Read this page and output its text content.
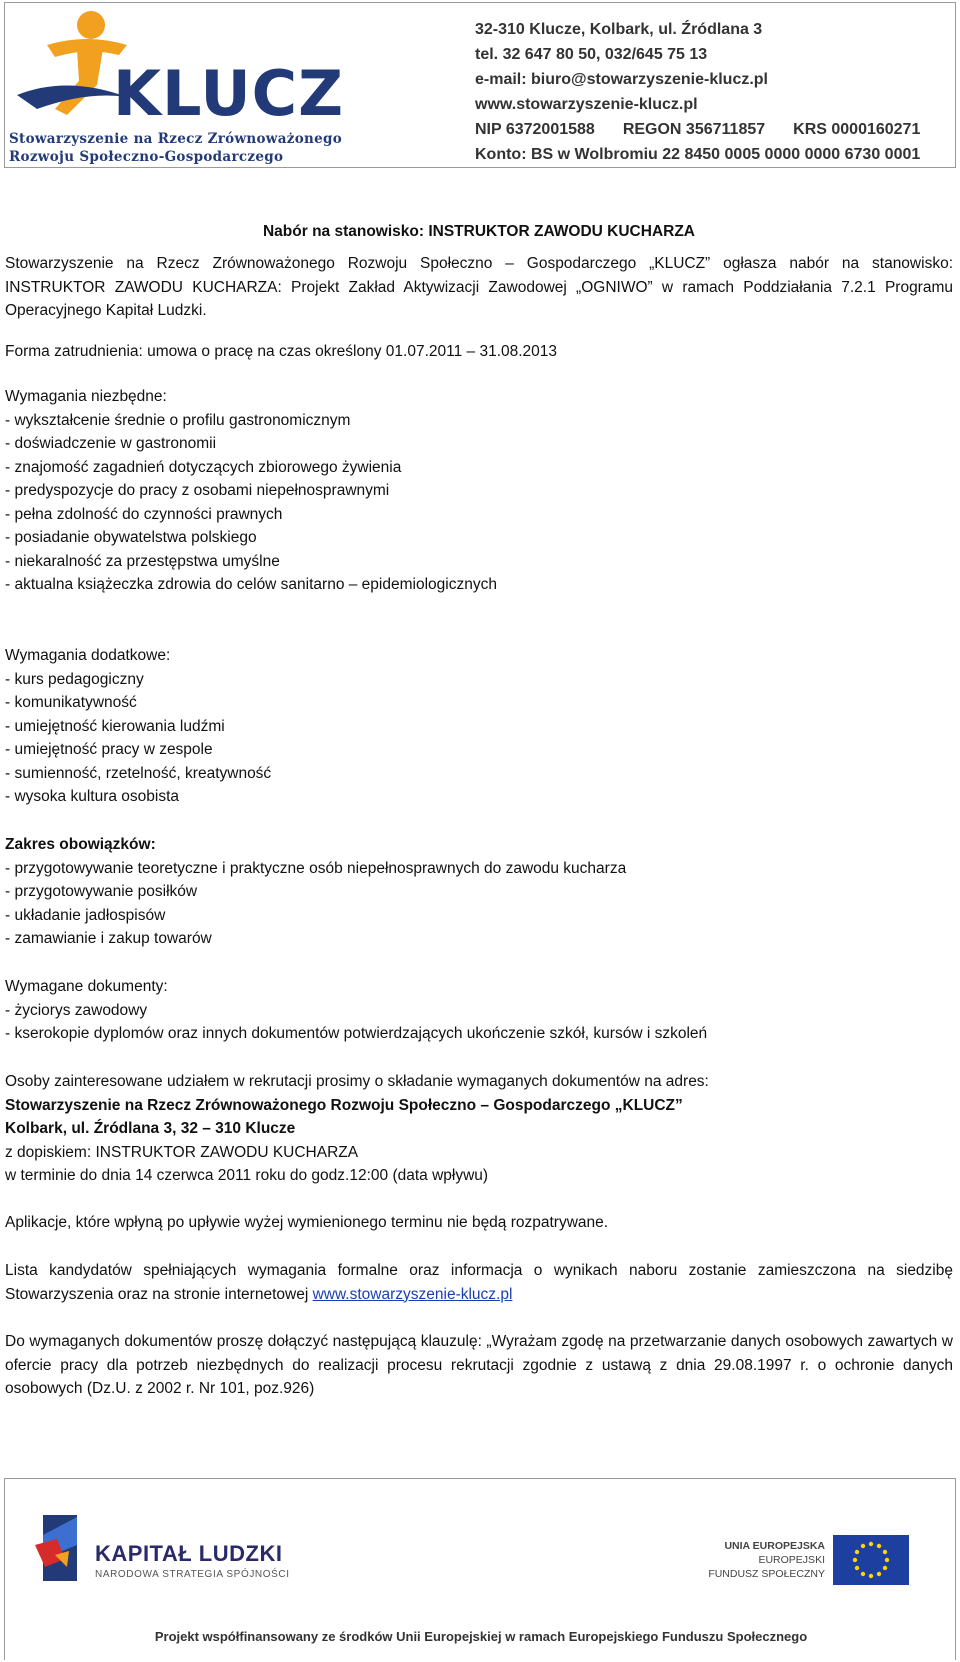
KLUCZ
Stowarzyszenie na Rzecz Zrównoważonego
Rozwoju Społeczno-Gospodarczego
32-310 Klucze, Kolbark, ul. Źródlana 3
tel. 32 647 80 50, 032/645 75 13
e-mail: biuro@stowarzyszenie-klucz.pl
www.stowarzyszenie-klucz.pl
NIP 6372001588 REGON 356711857 KRS 0000160271
Konto: BS w Wolbromiu 22 8450 0005 0000 0000 6730 0001
Nabór na stanowisko: INSTRUKTOR ZAWODU KUCHARZA
Stowarzyszenie na Rzecz Zrównoważonego Rozwoju Społeczno – Gospodarczego „KLUCZ” ogłasza nabór na stanowisko: INSTRUKTOR ZAWODU KUCHARZA: Projekt Zakład Aktywizacji Zawodowej „OGNIWO” w ramach Poddziałania 7.2.1 Programu Operacyjnego Kapitał Ludzki.
Forma zatrudnienia: umowa o pracę na czas określony 01.07.2011 – 31.08.2013
Wymagania niezbędne:
- wykształcenie średnie o profilu gastronomicznym
- doświadczenie w gastronomii
- znajomość zagadnień dotyczących zbiorowego żywienia
- predyspozycje do pracy z osobami niepełnosprawnymi
- pełna zdolność do czynności prawnych
- posiadanie obywatelstwa polskiego
- niekaralność za przestępstwa umyślne
- aktualna książeczka zdrowia do celów sanitarno – epidemiologicznych
Wymagania dodatkowe:
- kurs pedagogiczny
- komunikatywność
- umiejętność kierowania ludźmi
- umiejętność pracy w zespole
- sumienność, rzetelność, kreatywność
- wysoka kultura osobista
Zakres obowiązków:
- przygotowywanie teoretyczne i praktyczne osób niepełnosprawnych do zawodu kucharza
- przygotowywanie posiłków
- układanie jadłospisów
- zamawianie i zakup towarów
Wymagane dokumenty:
- życiorys zawodowy
- kserokopie dyplomów oraz innych dokumentów potwierdzających ukończenie szkół, kursów i szkoleń
Osoby zainteresowane udziałem w rekrutacji prosimy o składanie wymaganych dokumentów na adres:
Stowarzyszenie na Rzecz Zrównoważonego Rozwoju Społeczno – Gospodarczego „KLUCZ”
Kolbark, ul. Źródlana 3, 32 – 310 Klucze
z dopiskiem: INSTRUKTOR ZAWODU KUCHARZA
w terminie do dnia 14 czerwca 2011 roku do godz.12:00 (data wpływu)
Aplikacje, które wpłyną po upływie wyżej wymienionego terminu nie będą rozpatrywane.
Lista kandydatów spełniających wymagania formalne oraz informacja o wynikach naboru zostanie zamieszczona na siedzibę Stowarzyszenia oraz na stronie internetowej www.stowarzyszenie-klucz.pl
Do wymaganych dokumentów proszę dołączyć następującą klauzulę: „Wyrażam zgodę na przetwarzanie danych osobowych zawartych w ofercie pracy dla potrzeb niezbędnych do realizacji procesu rekrutacji zgodnie z ustawą z dnia 29.08.1997 r. o ochronie danych osobowych (Dz.U. z 2002 r. Nr 101, poz.926)
KAPITAŁ LUDZKI
NARODOWA STRATEGIA SPÓJNOŚCI
UNIA EUROPEJSKA
EUROPEJSKI
FUNDUSZ SPOŁECZNY
Projekt współfinansowany ze środków Unii Europejskiej w ramach Europejskiego Funduszu Społecznego
